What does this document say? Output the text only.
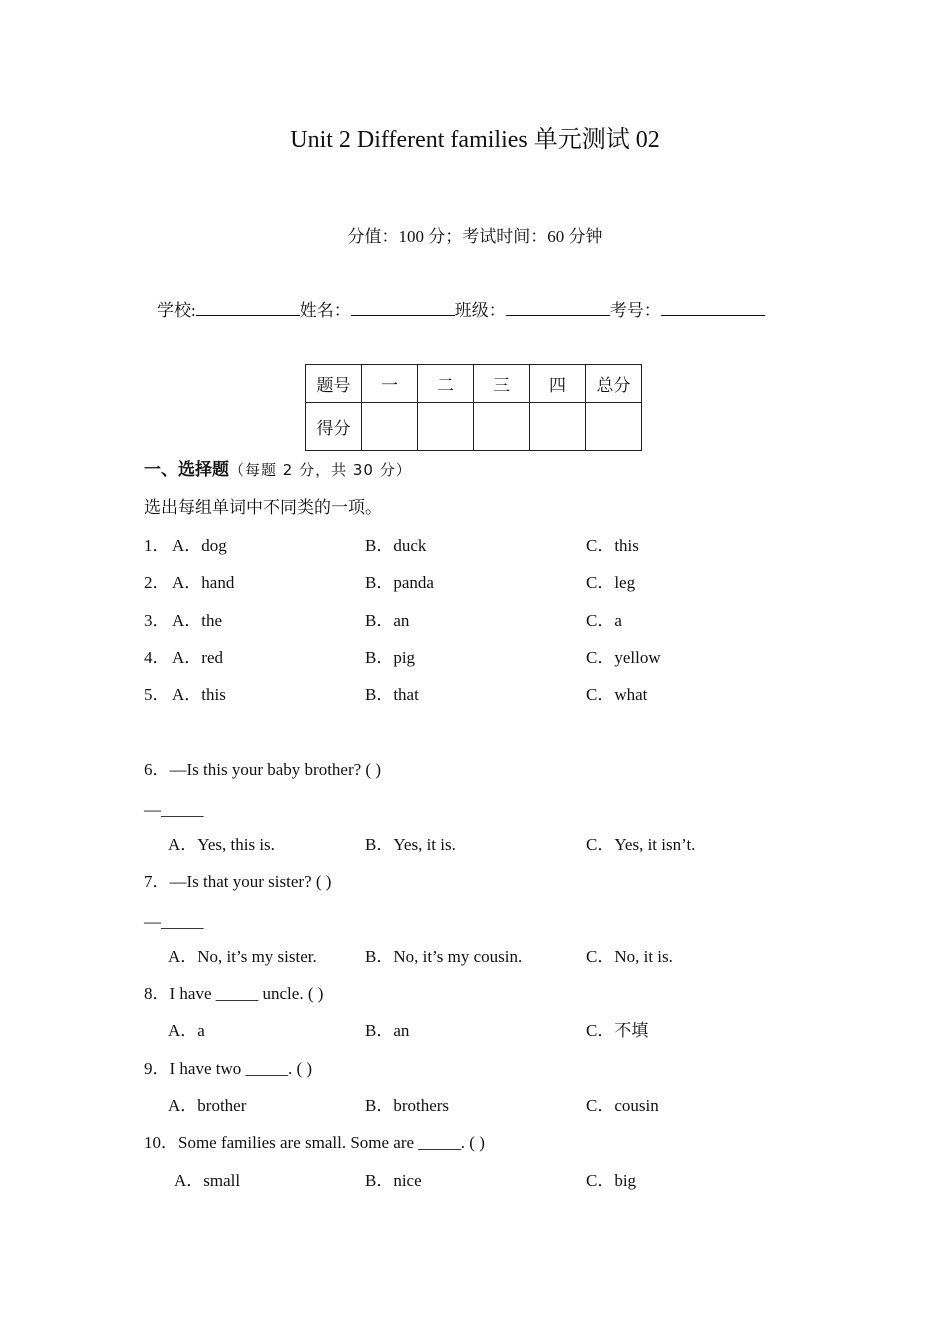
Unit 2 Different families 单元测试 02
分值：100 分；考试时间：60 分钟
学校:	姓名：	班级：	考号：
题号	一	二	三	四	总分
得分					
一、选择题（每题 2 分，共 30 分）
选出每组单词中不同类的一项。
1． A．dog	B．duck	C．this
2． A．hand	B．panda	C．leg
3． A．the	B．an	C．a
4． A．red	B．pig	C．yellow
5． A．this	B．that	C．what
6．—Is this your baby brother? ( )
—_____
A．Yes, this is.	B．Yes, it is.	C．Yes, it isn’t.
7．—Is that your sister? ( )
—_____
A．No, it’s my sister.	B．No, it’s my cousin.	C．No, it is.
8．I have _____ uncle. ( )
A．a	B．an	C．不填
9．I have two _____. ( )
A．brother	B．brothers	C．cousin
10．Some families are small. Some are _____. ( )
A．small	B．nice	C．big
